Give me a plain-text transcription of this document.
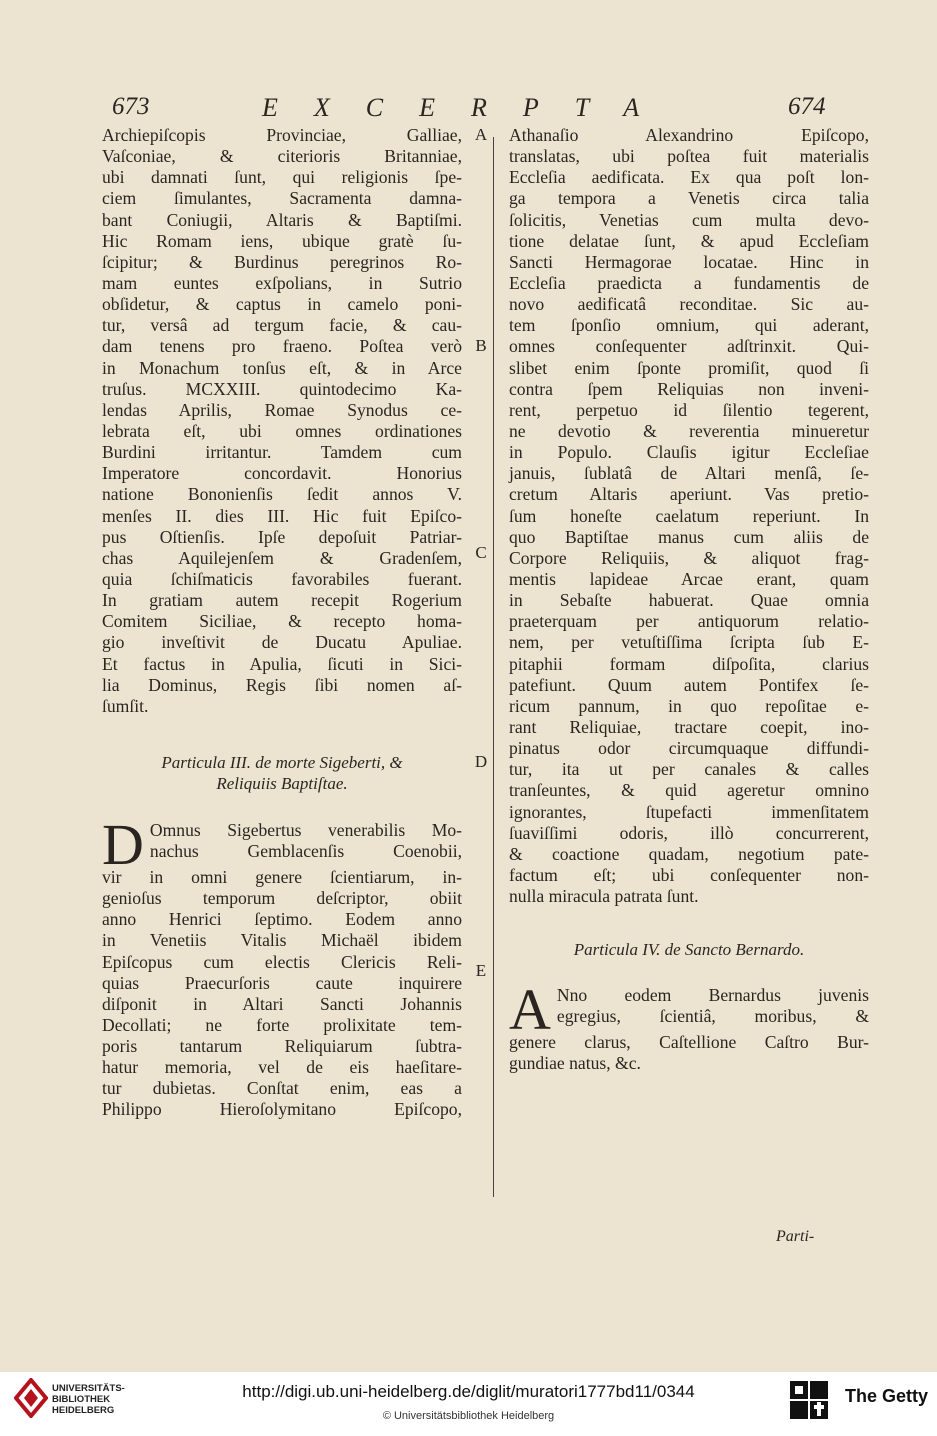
673	EXCERPTA	674
Archiepiſcopis Provinciae, Galliae,
Vaſconiae, & citerioris Britanniae,
ubi damnati ſunt, qui religionis ſpe-
ciem ſimulantes, Sacramenta damna-
bant Coniugii, Altaris & Baptiſmi.
Hic Romam iens, ubique gratè ſu-
ſcipitur; & Burdinus peregrinos Ro-
mam euntes exſpolians, in Sutrio
obſidetur, & captus in camelo poni-
tur, versâ ad tergum facie, & cau-
dam tenens pro fraeno. Poſtea verò
in Monachum tonſus eſt, & in Arce
truſus. MCXXIII. quintodecimo Ka-
lendas Aprilis, Romae Synodus ce-
lebrata eſt, ubi omnes ordinationes
Burdini irritantur. Tamdem cum
Imperatore concordavit. Honorius
natione Bononienſis ſedit annos V.
menſes II. dies III. Hic fuit Epiſco-
pus Oſtienſis. Ipſe depoſuit Patriar-
chas Aquilejenſem & Gradenſem,
quia ſchiſmaticis favorabiles fuerant.
In gratiam autem recepit Rogerium
Comitem Siciliae, & recepto homa-
gio inveſtivit de Ducatu Apuliae.
Et factus in Apulia, ſicuti in Sici-
lia Dominus, Regis ſibi nomen aſ-
ſumſit.
Particula III. de morte Sigeberti, &
Reliquiis Baptiſtae.
D Omnus Sigebertus venerabilis Mo-
nachus Gemblacenſis Coenobii,
vir in omni genere ſcientiarum, in-
genioſus temporum deſcriptor, obiit
anno Henrici ſeptimo. Eodem anno
in Venetiis Vitalis Michaël ibidem
Epiſcopus cum electis Clericis Reli-
quias Praecurſoris caute inquirere
diſponit in Altari Sancti Johannis
Decollati; ne forte prolixitate tem-
poris tantarum Reliquiarum ſubtra-
hatur memoria, vel de eis haeſitare-
tur dubietas. Conſtat enim, eas a
Philippo Hieroſolymitano Epiſcopo,
A
B
C
D
E
Athanaſio Alexandrino Epiſcopo,
translatas, ubi poſtea fuit materialis
Eccleſia aedificata. Ex qua poſt lon-
ga tempora a Venetis circa talia
ſolicitis, Venetias cum multa devo-
tione delatae ſunt, & apud Eccleſiam
Sancti Hermagorae locatae. Hinc in
Eccleſia praedicta a fundamentis de
novo aedificatâ reconditae. Sic au-
tem ſponſio omnium, qui aderant,
omnes conſequenter adſtrinxit. Qui-
slibet enim ſponte promiſit, quod ſi
contra ſpem Reliquias non inveni-
rent, perpetuo id ſilentio tegerent,
ne devotio & reverentia minueretur
in Populo. Clauſis igitur Eccleſiae
januis, ſublatâ de Altari menſâ, ſe-
cretum Altaris aperiunt. Vas pretio-
ſum honeſte caelatum reperiunt. In
quo Baptiſtae manus cum aliis de
Corpore Reliquiis, & aliquot frag-
mentis lapideae Arcae erant, quam
in Sebaſte habuerat. Quae omnia
praeterquam per antiquorum relatio-
nem, per vetuſtiſſima ſcripta ſub E-
pitaphii formam diſpoſita, clarius
patefiunt. Quum autem Pontifex ſe-
ricum pannum, in quo repoſitae e-
rant Reliquiae, tractare coepit, ino-
pinatus odor circumquaque diffundi-
tur, ita ut per canales & calles
tranſeuntes, & quid ageretur omnino
ignorantes, ſtupefacti immenſitatem
ſuaviſſimi odoris, illò concurrerent,
& coactione quadam, negotium pate-
factum eſt; ubi conſequenter non-
nulla miracula patrata ſunt.
Particula IV. de Sancto Bernardo.
A Nno eodem Bernardus juvenis
egregius, ſcientiâ, moribus, &
genere clarus, Caſtellione Caſtro Bur-
gundiae natus, &c.
Parti-
UNIVERSITÄTS-
BIBLIOTHEK
HEIDELBERG
http://digi.ub.uni-heidelberg.de/diglit/muratori1777bd11/0344
© Universitätsbibliothek Heidelberg
The Getty
